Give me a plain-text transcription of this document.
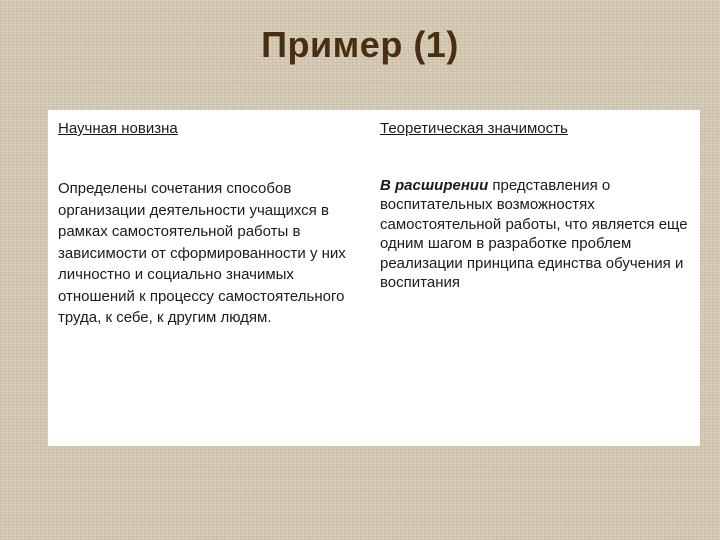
Пример (1)
Научная новизна
Определены сочетания способов организации деятельности учащихся в рамках самостоятельной работы в зависимости от сформированности у них личностно и социально значимых отношений к процессу самостоятельного труда, к себе, к другим людям.
Теоретическая значимость
В расширении представления о воспитательных возможностях самостоятельной работы, что является еще одним шагом в разработке проблем реализации принципа единства обучения и воспитания
